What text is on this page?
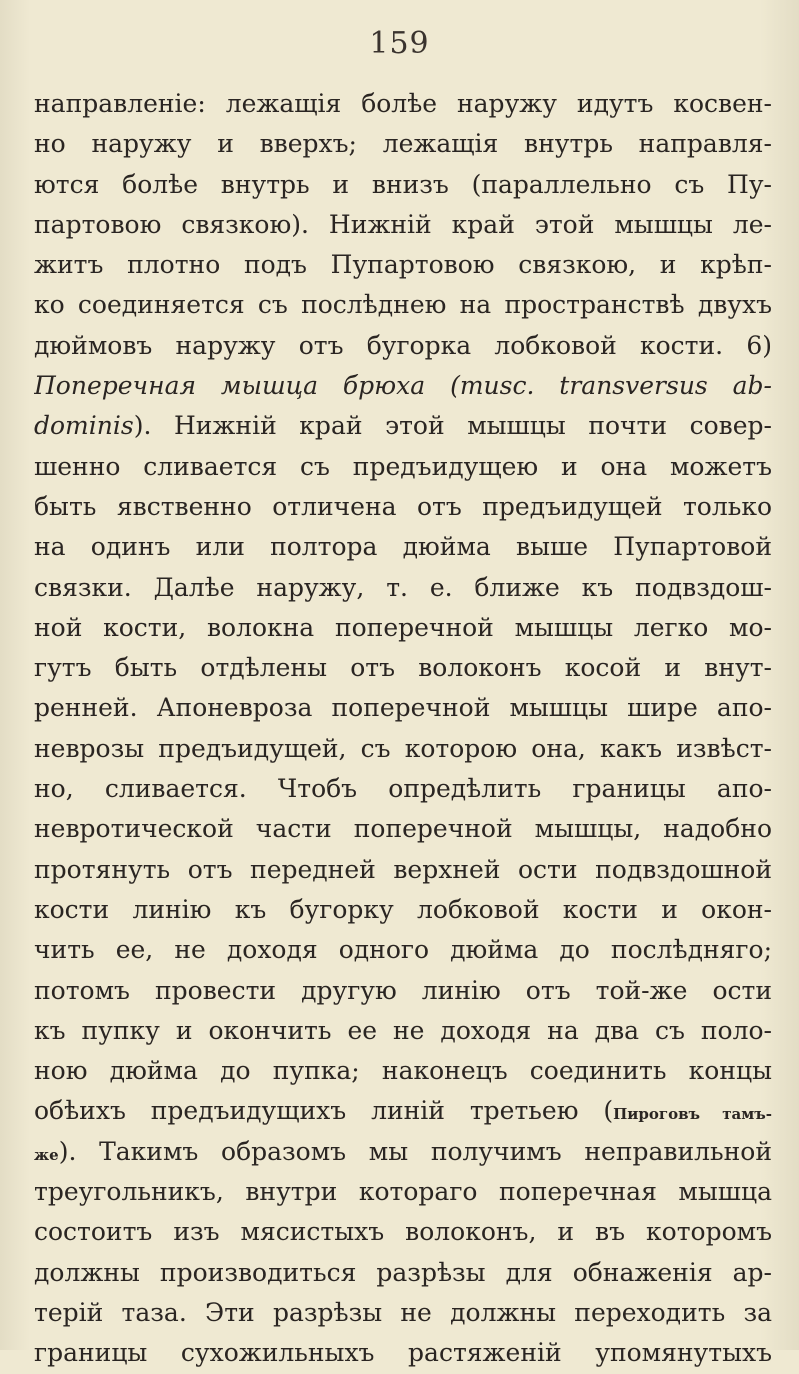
159
направленіе: лежащія болѣе наружу идутъ косвен-
но наружу и вверхъ; лежащія внутрь направля-
ются болѣе внутрь и внизъ (параллельно съ Пу-
партовою связкою). Нижній край этой мышцы ле-
житъ плотно подъ Пупартовою связкою, и крѣп-
ко соединяется съ послѣднею на пространствѣ двухъ
дюймовъ наружу отъ бугорка лобковой кости. 6)
Поперечная мышца брюха (musc. transversus ab-
dominis). Нижній край этой мышцы почти совер-
шенно сливается съ предъидущею и она можетъ
быть явственно отличена отъ предъидущей только
на одинъ или полтора дюйма выше Пупартовой
связки. Далѣе наружу, т. е. ближе къ подвздош-
ной кости, волокна поперечной мышцы легко мо-
гутъ быть отдѣлены отъ волоконъ косой и внут-
ренней. Апоневроза поперечной мышцы шире апо-
неврозы предъидущей, съ которою она, какъ извѣст-
но, сливается. Чтобъ опредѣлить границы апо-
невротической части поперечной мышцы, надобно
протянуть отъ передней верхней ости подвздошной
кости линію къ бугорку лобковой кости и окон-
чить ее, не доходя одного дюйма до послѣдняго;
потомъ провести другую линію отъ той-же ости
къ пупку и окончить ее не доходя на два съ поло-
ною дюйма до пупка; наконецъ соединить концы
обѣихъ предъидущихъ линій третьею (Пироговъ тамъ-
же). Такимъ образомъ мы получимъ неправильной
треугольникъ, внутри котораго поперечная мышца
состоитъ изъ мясистыхъ волоконъ, и въ которомъ
должны производиться разрѣзы для обнаженія ар-
терій таза. Эти разрѣзы не должны переходить за
границы сухожильныхъ растяженій упомянутыхъ
